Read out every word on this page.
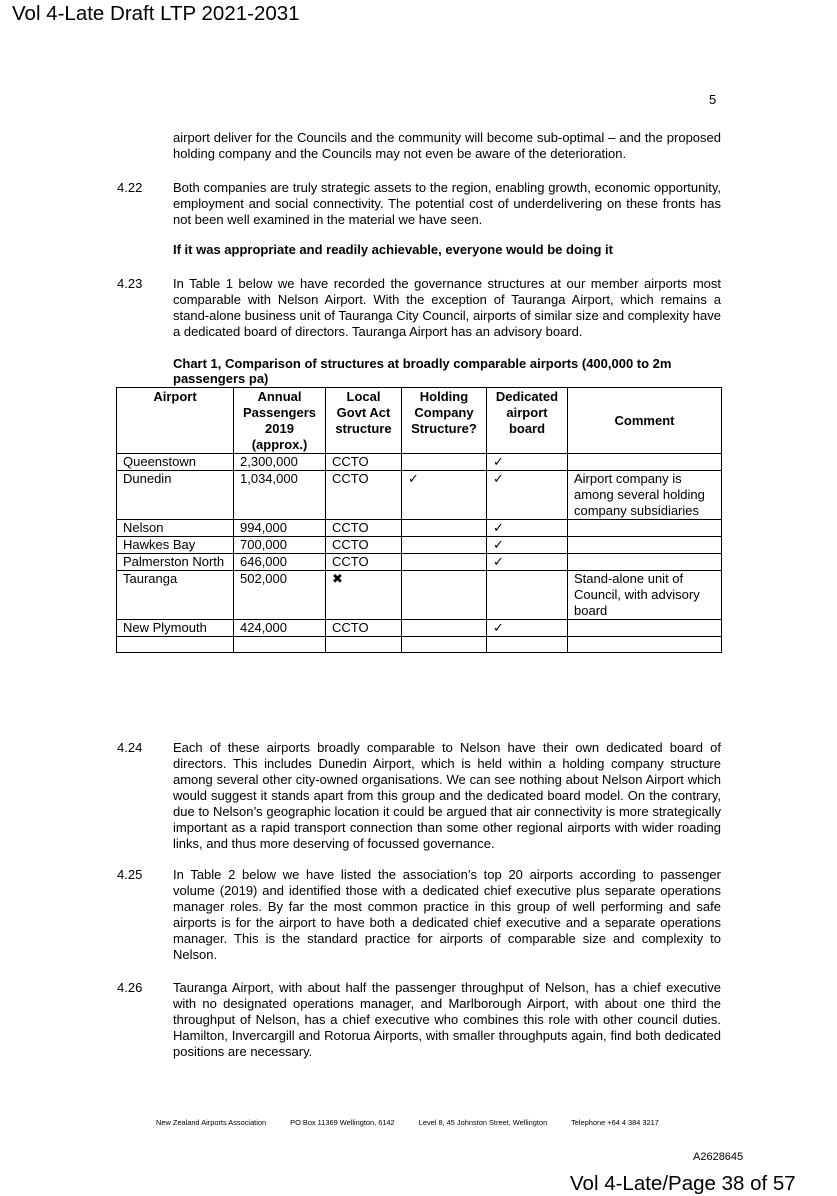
Vol 4-Late Draft LTP 2021-2031
5
airport deliver for the Councils and the community will become sub-optimal – and the proposed holding company and the Councils may not even be aware of the deterioration.
4.22 Both companies are truly strategic assets to the region, enabling growth, economic opportunity, employment and social connectivity. The potential cost of underdelivering on these fronts has not been well examined in the material we have seen.
If it was appropriate and readily achievable, everyone would be doing it
4.23 In Table 1 below we have recorded the governance structures at our member airports most comparable with Nelson Airport. With the exception of Tauranga Airport, which remains a stand-alone business unit of Tauranga City Council, airports of similar size and complexity have a dedicated board of directors. Tauranga Airport has an advisory board.
Chart 1, Comparison of structures at broadly comparable airports (400,000 to 2m passengers pa)
Airport	Annual Passengers 2019 (approx.)	Local Govt Act structure	Holding Company Structure?	Dedicated airport board	Comment
Queenstown	2,300,000	CCTO		✓	
Dunedin	1,034,000	CCTO	✓	✓	Airport company is among several holding company subsidiaries
Nelson	994,000	CCTO		✓	
Hawkes Bay	700,000	CCTO		✓	
Palmerston North	646,000	CCTO		✓	
Tauranga	502,000	✖			Stand-alone unit of Council, with advisory board
New Plymouth	424,000	CCTO		✓	

4.24 Each of these airports broadly comparable to Nelson have their own dedicated board of directors. This includes Dunedin Airport, which is held within a holding company structure among several other city-owned organisations. We can see nothing about Nelson Airport which would suggest it stands apart from this group and the dedicated board model. On the contrary, due to Nelson’s geographic location it could be argued that air connectivity is more strategically important as a rapid transport connection than some other regional airports with wider roading links, and thus more deserving of focussed governance.
4.25 In Table 2 below we have listed the association’s top 20 airports according to passenger volume (2019) and identified those with a dedicated chief executive plus separate operations manager roles. By far the most common practice in this group of well performing and safe airports is for the airport to have both a dedicated chief executive and a separate operations manager. This is the standard practice for airports of comparable size and complexity to Nelson.
4.26 Tauranga Airport, with about half the passenger throughput of Nelson, has a chief executive with no designated operations manager, and Marlborough Airport, with about one third the throughput of Nelson, has a chief executive who combines this role with other council duties. Hamilton, Invercargill and Rotorua Airports, with smaller throughputs again, find both dedicated positions are necessary.
New Zealand Airports Association	PO Box 11369 Wellington, 6142	Level 8, 45 Johnston Street, Wellington	Telephone +64 4 384 3217
A2628645
Vol 4-Late/Page 38 of 57
